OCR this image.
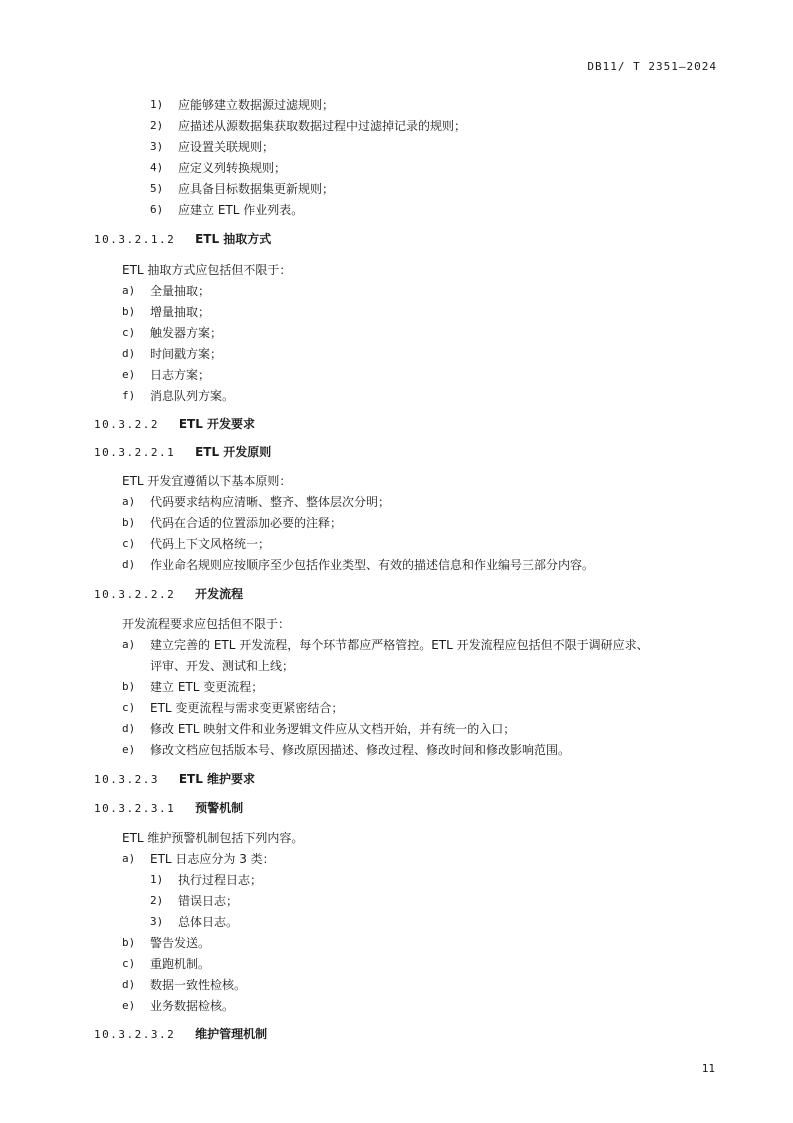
DB11/ T 2351—2024
1) 应能够建立数据源过滤规则；
2) 应描述从源数据集获取数据过程中过滤掉记录的规则；
3) 应设置关联规则；
4) 应定义列转换规则；
5) 应具备目标数据集更新规则；
6) 应建立 ETL 作业列表。
10.3.2.1.2 ETL 抽取方式
ETL 抽取方式应包括但不限于：
a) 全量抽取；
b) 增量抽取；
c) 触发器方案；
d) 时间戳方案；
e) 日志方案；
f) 消息队列方案。
10.3.2.2 ETL 开发要求
10.3.2.2.1 ETL 开发原则
ETL 开发宜遵循以下基本原则：
a) 代码要求结构应清晰、整齐、整体层次分明；
b) 代码在合适的位置添加必要的注释；
c) 代码上下文风格统一；
d) 作业命名规则应按顺序至少包括作业类型、有效的描述信息和作业编号三部分内容。
10.3.2.2.2 开发流程
开发流程要求应包括但不限于：
a) 建立完善的 ETL 开发流程，每个环节都应严格管控。ETL 开发流程应包括但不限于调研应求、
评审、开发、测试和上线；
b) 建立 ETL 变更流程；
c) ETL 变更流程与需求变更紧密结合；
d) 修改 ETL 映射文件和业务逻辑文件应从文档开始，并有统一的入口；
e) 修改文档应包括版本号、修改原因描述、修改过程、修改时间和修改影响范围。
10.3.2.3 ETL 维护要求
10.3.2.3.1 预警机制
ETL 维护预警机制包括下列内容。
a) ETL 日志应分为 3 类：
1) 执行过程日志；
2) 错误日志；
3) 总体日志。
b) 警告发送。
c) 重跑机制。
d) 数据一致性检核。
e) 业务数据检核。
10.3.2.3.2 维护管理机制
11
